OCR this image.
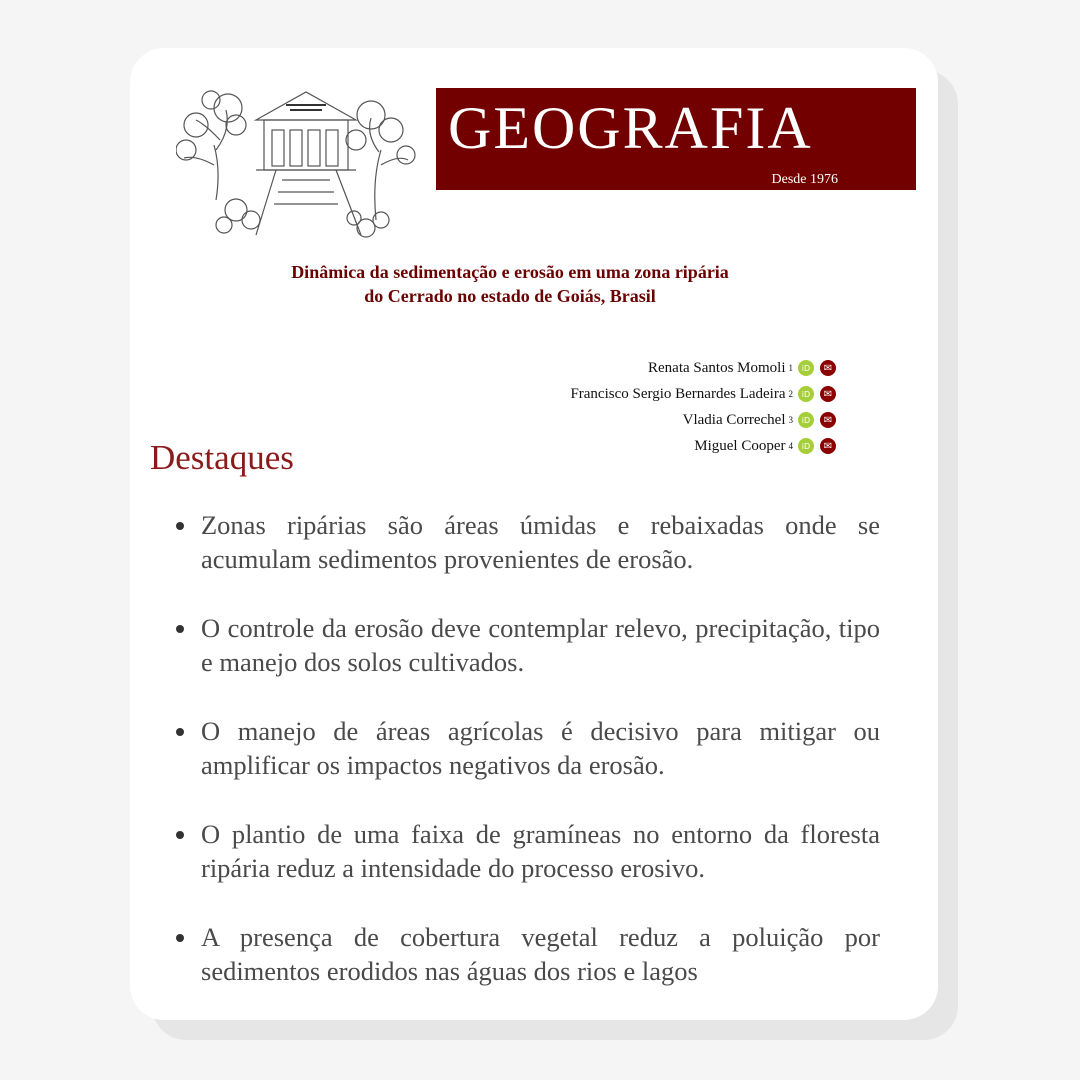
GEOGRAFIA
Desde 1976
Dinâmica da sedimentação e erosão em uma zona ripária
do Cerrado no estado de Goiás, Brasil
Renata Santos Momoli 1	iD	✉
Francisco Sergio Bernardes Ladeira 2	iD	✉
Vladia Correchel 3	iD	✉
Miguel Cooper 4	iD	✉
Destaques
Zonas ripárias são áreas úmidas e rebaixadas onde se acumulam sedimentos provenientes de erosão.
O controle da erosão deve contemplar relevo, precipitação, tipo e manejo dos solos cultivados.
O manejo de áreas agrícolas é decisivo para mitigar ou amplificar os impactos negativos da erosão.
O plantio de uma faixa de gramíneas no entorno da floresta ripária reduz a intensidade do processo erosivo.
A presença de cobertura vegetal reduz a poluição por sedimentos erodidos nas águas dos rios e lagos
